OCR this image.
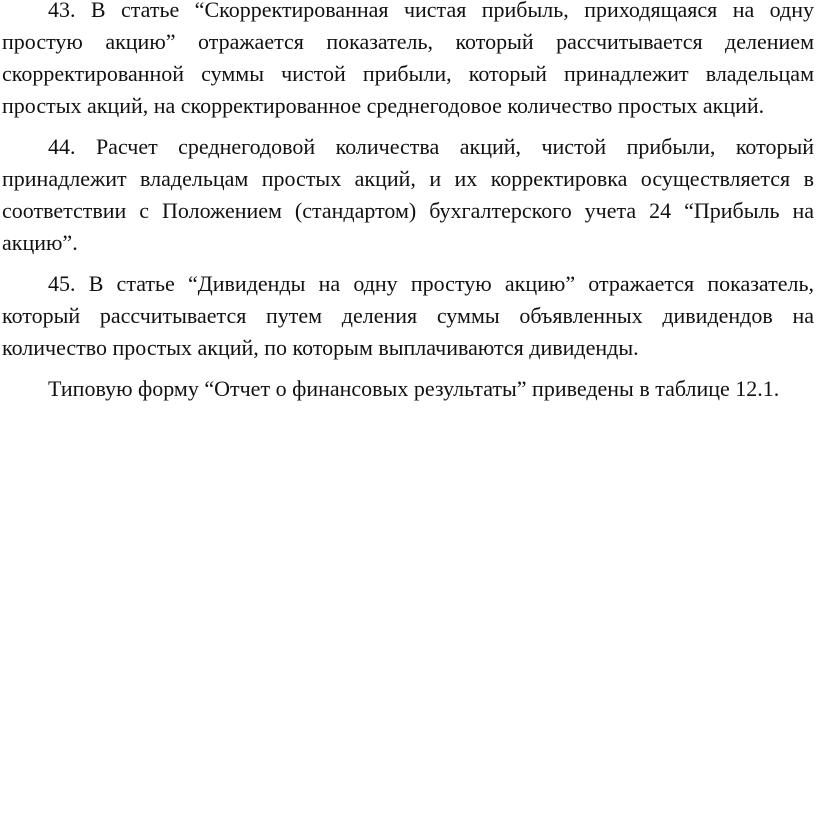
43. В статье “Скорректированная чистая прибыль, приходящаяся на одну простую акцию” отражается показатель, который рассчитывается делением скорректированной суммы чистой прибыли, который принадлежит владельцам простых акций, на скорректированное среднегодовое количество простых акций.

44. Расчет среднегодовой количества акций, чистой прибыли, который принадлежит владельцам простых акций, и их корректировка осуществляется в соответствии с Положением (стандартом) бухгалтерского учета 24 “Прибыль на акцию”.

45. В статье “Дивиденды на одну простую акцию” отражается показатель, который рассчитывается путем деления суммы объявленных дивидендов на количество простых акций, по которым выплачиваются дивиденды.

Типовую форму “Отчет о финансовых результаты” приведены в таблице 12.1.
